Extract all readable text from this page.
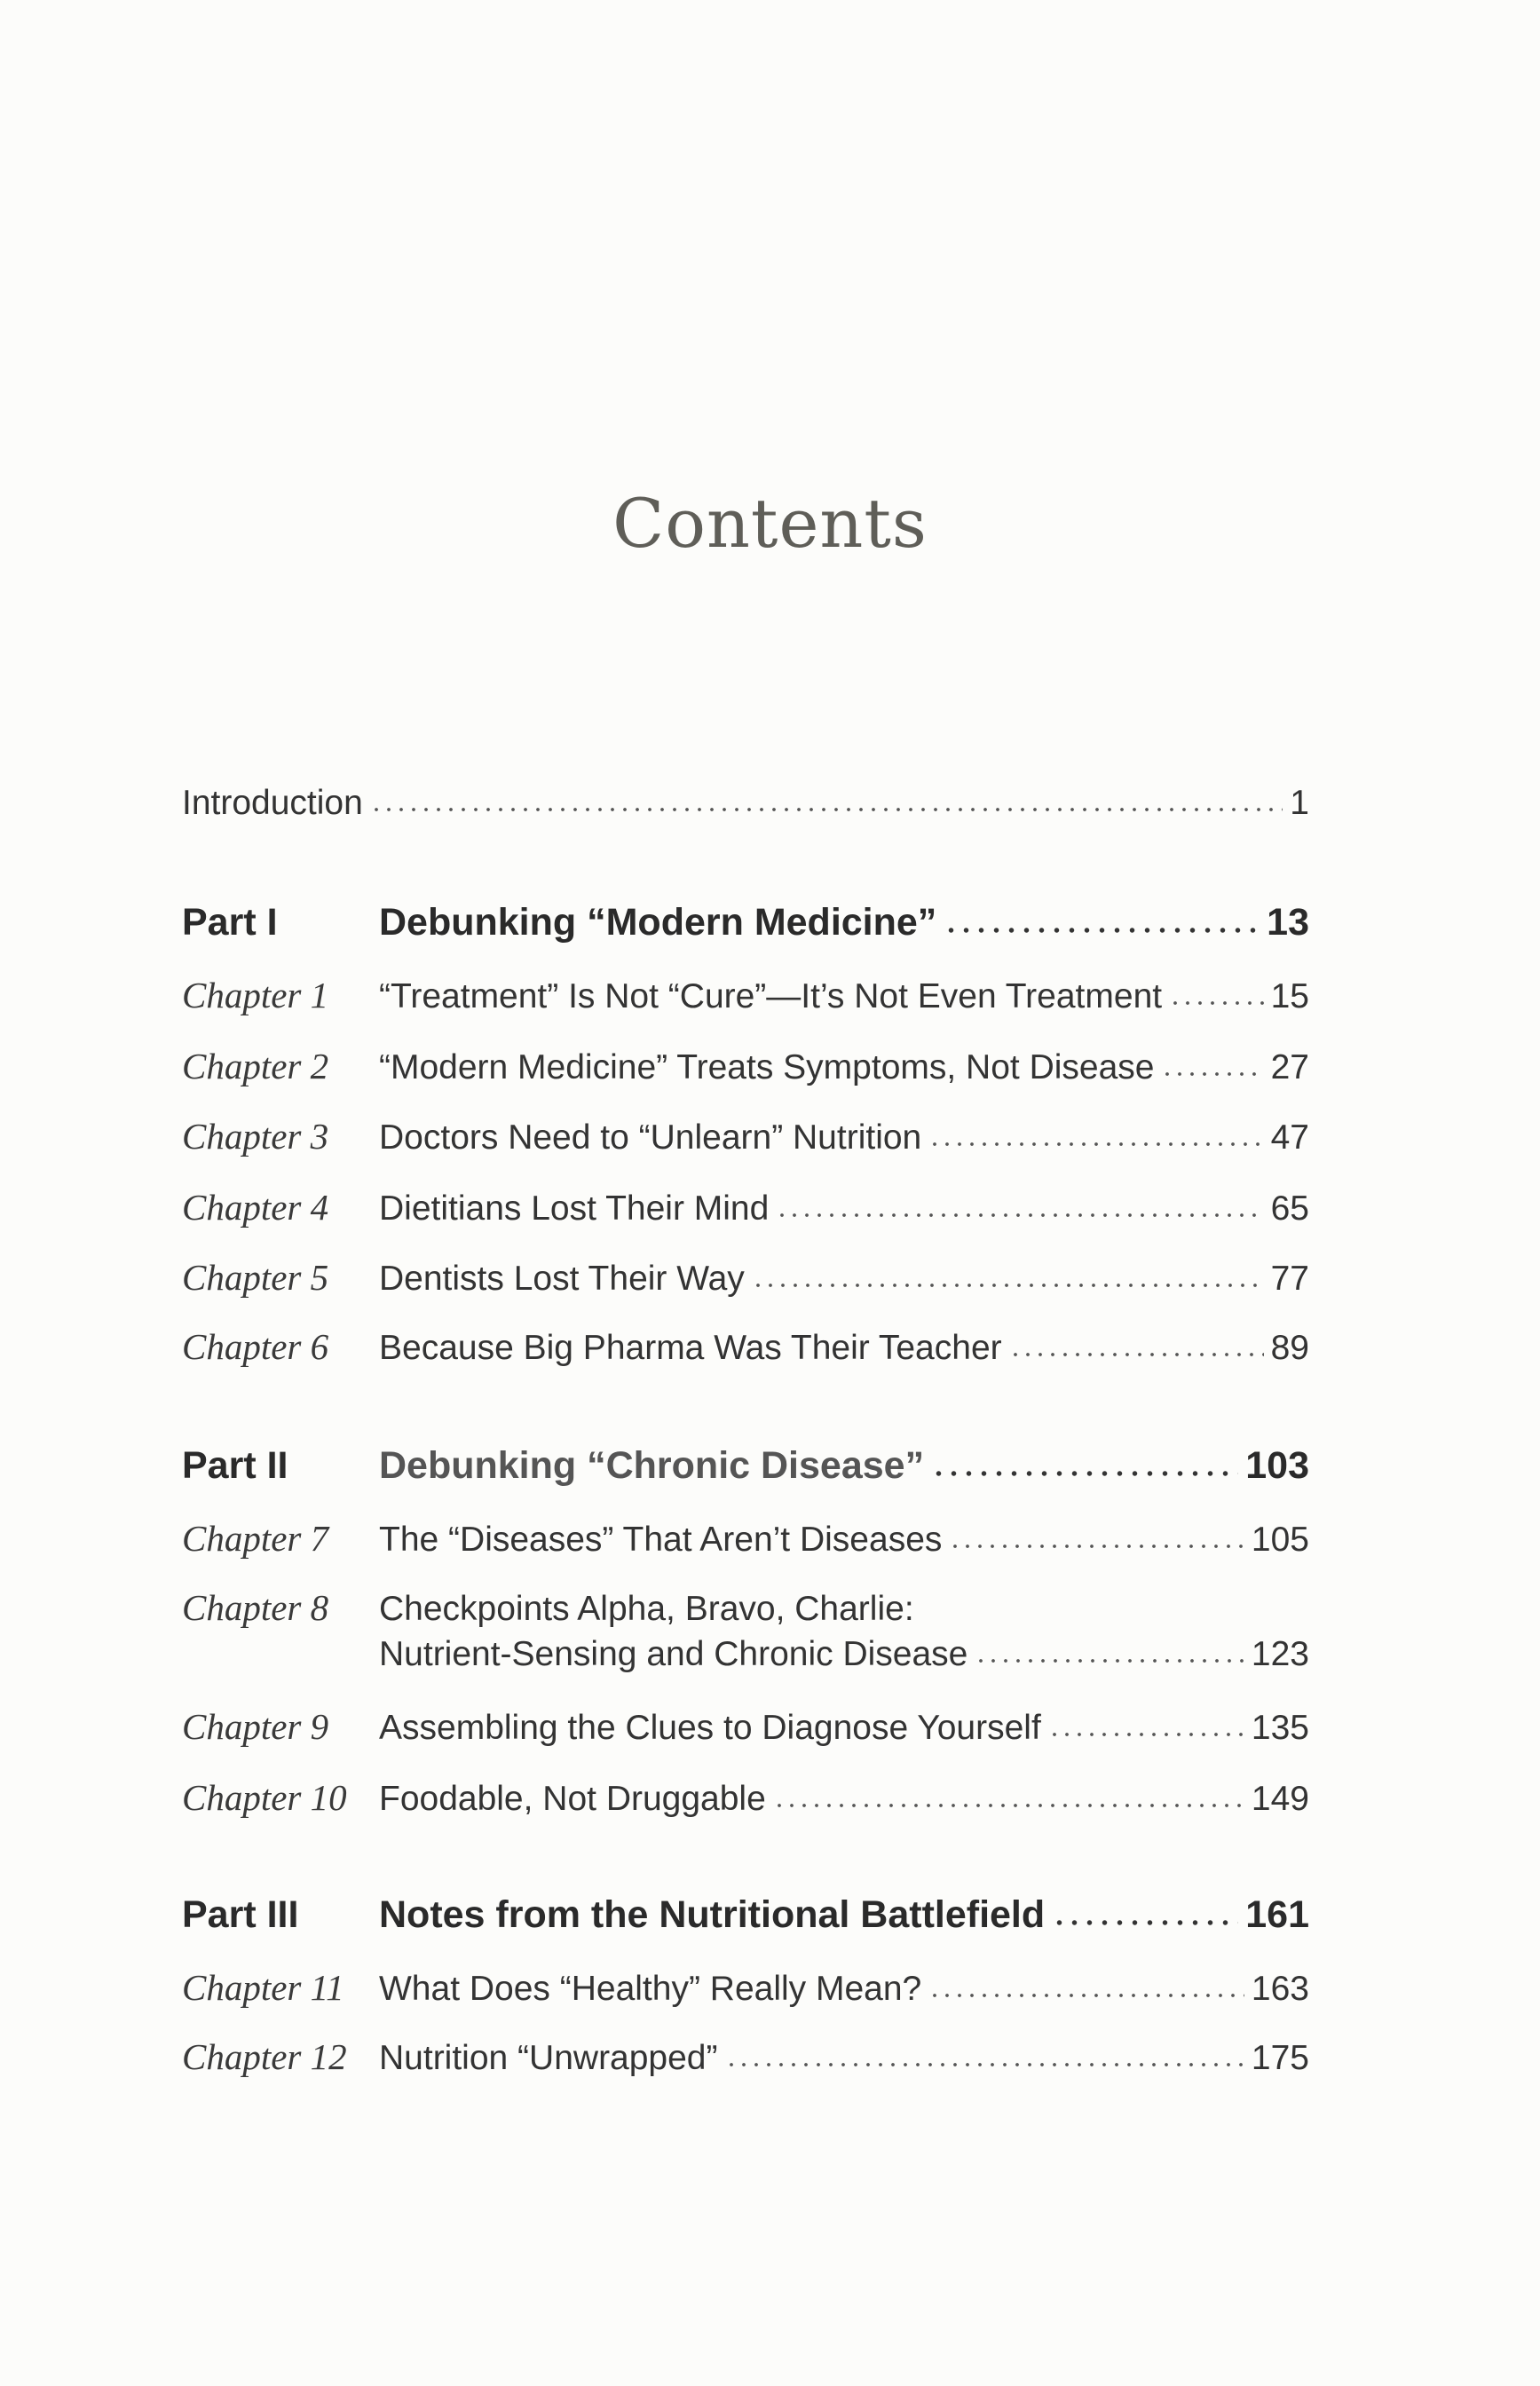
Contents
Introduction	1
Part I	Debunking “Modern Medicine”	13
Chapter 1	“Treatment” Is Not “Cure”—It’s Not Even Treatment	15
Chapter 2	“Modern Medicine” Treats Symptoms, Not Disease	27
Chapter 3	Doctors Need to “Unlearn” Nutrition	47
Chapter 4	Dietitians Lost Their Mind	65
Chapter 5	Dentists Lost Their Way	77
Chapter 6	Because Big Pharma Was Their Teacher	89
Part II	Debunking “Chronic Disease”	103
Chapter 7	The “Diseases” That Aren’t Diseases	105
Chapter 8	Checkpoints Alpha, Bravo, Charlie:
Nutrient-Sensing and Chronic Disease	123
Chapter 9	Assembling the Clues to Diagnose Yourself	135
Chapter 10 Foodable, Not Druggable	149
Part III	Notes from the Nutritional Battlefield	161
Chapter 11	What Does “Healthy” Really Mean?	163
Chapter 12 Nutrition “Unwrapped”	175
